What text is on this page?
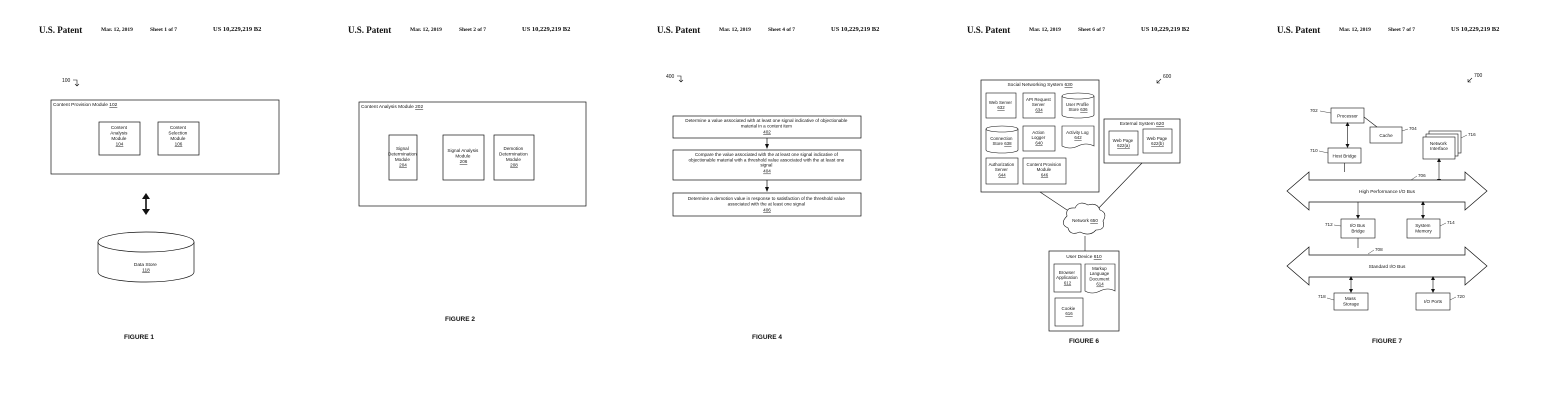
U.S. Patent	Mar. 12, 2019	Sheet 1 of 7	US 10,229,219 B2
100
Content Provision Module 102
Content Analysis Module 104
Content Selection Module 106
Data Store 118
FIGURE 1
U.S. Patent	Mar. 12, 2019	Sheet 2 of 7	US 10,229,219 B2
Content Analysis Module 202
Signal Determination Module 204
Signal Analysis Module 206
Demotion Determination Module 208
FIGURE 2
U.S. Patent	Mar. 12, 2019	Sheet 4 of 7	US 10,229,219 B2
400
Determine a value associated with at least one signal indicative of objectionable material in a content item 402
Compare the value associated with the at least one signal indicative of objectionable material with a threshold value associated with the at least one signal 404
Determine a demotion value in response to satisfaction of the threshold value associated with the at least one signal 406
FIGURE 4
U.S. Patent	Mar. 12, 2019	Sheet 6 of 7	US 10,229,219 B2
600
Social Networking System 630
Web Server 632
API Request Server 634
User Profile Store 636
Connection Store 638
Action Logger 640
Activity Log 642
Authorization Server 644
Content Provision Module 646
External System 620
Web Page 622(a)
Web Page 622(b)
Network 650
User Device 610
Browser Application 612
Markup Language Document 614
Cookie 616
FIGURE 6
U.S. Patent	Mar. 12, 2019	Sheet 7 of 7	US 10,229,219 B2
700
Processor
702
Cache
704
Host Bridge
710
Network Interface
716
High Performance I/O Bus
706
I/O Bus Bridge
712	System Memory
714
Standard I/O Bus
708
Mass Storage
718
I/O Ports
720
FIGURE 7
